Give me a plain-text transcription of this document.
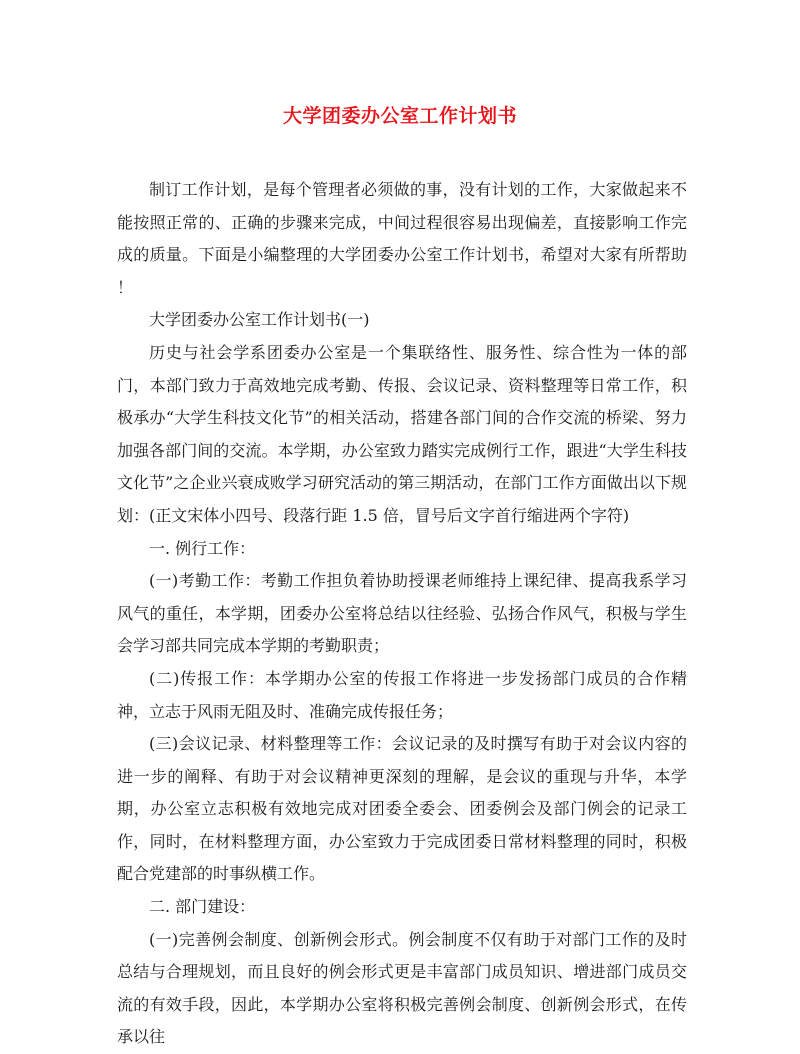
大学团委办公室工作计划书

制订工作计划，是每个管理者必须做的事，没有计划的工作，大家做起来不能按照正常的、正确的步骤来完成，中间过程很容易出现偏差，直接影响工作完成的质量。下面是小编整理的大学团委办公室工作计划书，希望对大家有所帮助 ！

大学团委办公室工作计划书(一)

历史与社会学系团委办公室是一个集联络性、服务性、综合性为一体的部门，本部门致力于高效地完成考勤、传报、会议记录、资料整理等日常工作，积极承办“大学生科技文化节”的相关活动，搭建各部门间的合作交流的桥梁、努力加强各部门间的交流。本学期，办公室致力踏实完成例行工作，跟进“大学生科技文化节”之企业兴衰成败学习研究活动的第三期活动，在部门工作方面做出以下规划：(正文宋体小四号、段落行距 1.5 倍，冒号后文字首行缩进两个字符)

一. 例行工作：

(一)考勤工作：考勤工作担负着协助授课老师维持上课纪律、提高我系学习风气的重任，本学期，团委办公室将总结以往经验、弘扬合作风气，积极与学生会学习部共同完成本学期的考勤职责；

(二)传报工作：本学期办公室的传报工作将进一步发扬部门成员的合作精神，立志于风雨无阻及时、准确完成传报任务；

(三)会议记录、材料整理等工作：会议记录的及时撰写有助于对会议内容的进一步的阐释、有助于对会议精神更深刻的理解，是会议的重现与升华，本学期，办公室立志积极有效地完成对团委全委会、团委例会及部门例会的记录工作，同时，在材料整理方面，办公室致力于完成团委日常材料整理的同时，积极配合党建部的时事纵横工作。

二. 部门建设：

(一)完善例会制度、创新例会形式。例会制度不仅有助于对部门工作的及时总结与合理规划，而且良好的例会形式更是丰富部门成员知识、增进部门成员交流的有效手段，因此，本学期办公室将积极完善例会制度、创新例会形式，在传承以往
